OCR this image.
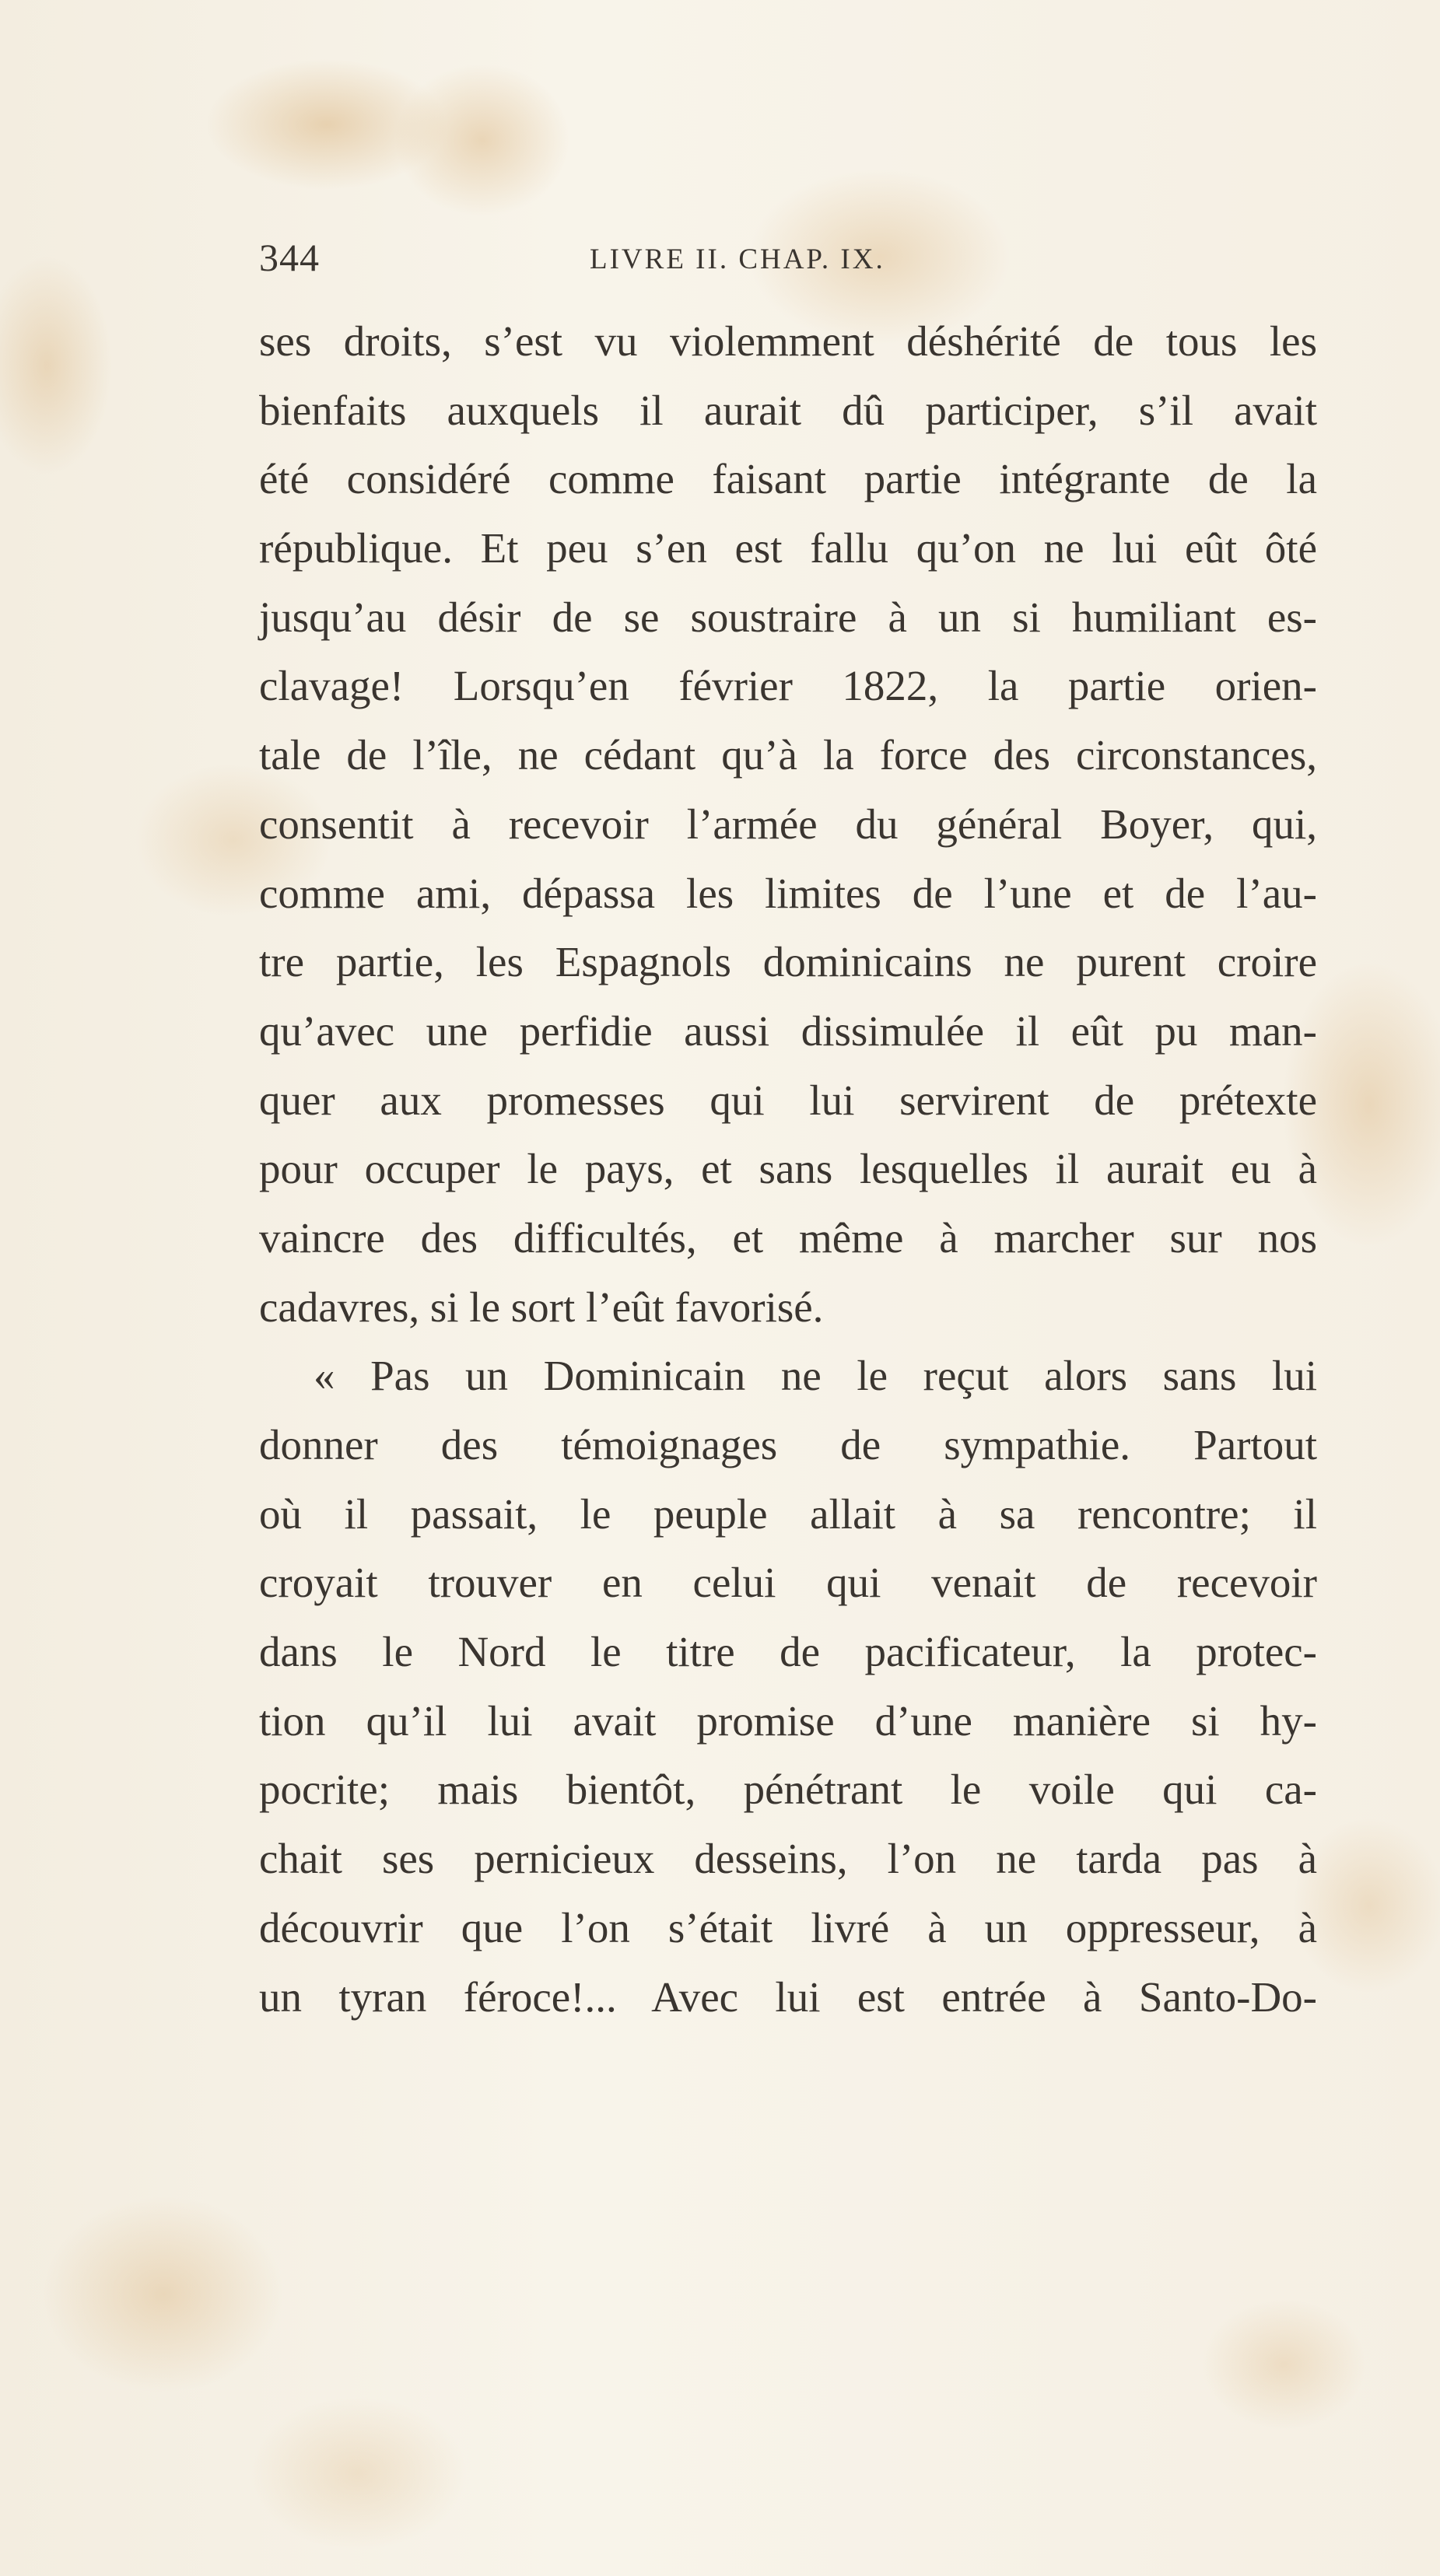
344	LIVRE II. CHAP. IX.
ses droits, s’est vu violemment déshérité de tous les
bienfaits auxquels il aurait dû participer, s’il avait
été considéré comme faisant partie intégrante de la
république. Et peu s’en est fallu qu’on ne lui eût ôté
jusqu’au désir de se soustraire à un si humiliant es-
clavage! Lorsqu’en février 1822, la partie orien-
tale de l’île, ne cédant qu’à la force des circonstances,
consentit à recevoir l’armée du général Boyer, qui,
comme ami, dépassa les limites de l’une et de l’au-
tre partie, les Espagnols dominicains ne purent croire
qu’avec une perfidie aussi dissimulée il eût pu man-
quer aux promesses qui lui servirent de prétexte
pour occuper le pays, et sans lesquelles il aurait eu à
vaincre des difficultés, et même à marcher sur nos
cadavres, si le sort l’eût favorisé.
« Pas un Dominicain ne le reçut alors sans lui
donner des témoignages de sympathie. Partout
où il passait, le peuple allait à sa rencontre; il
croyait trouver en celui qui venait de recevoir
dans le Nord le titre de pacificateur, la protec-
tion qu’il lui avait promise d’une manière si hy-
pocrite; mais bientôt, pénétrant le voile qui ca-
chait ses pernicieux desseins, l’on ne tarda pas à
découvrir que l’on s’était livré à un oppresseur, à
un tyran féroce!... Avec lui est entrée à Santo-Do-
